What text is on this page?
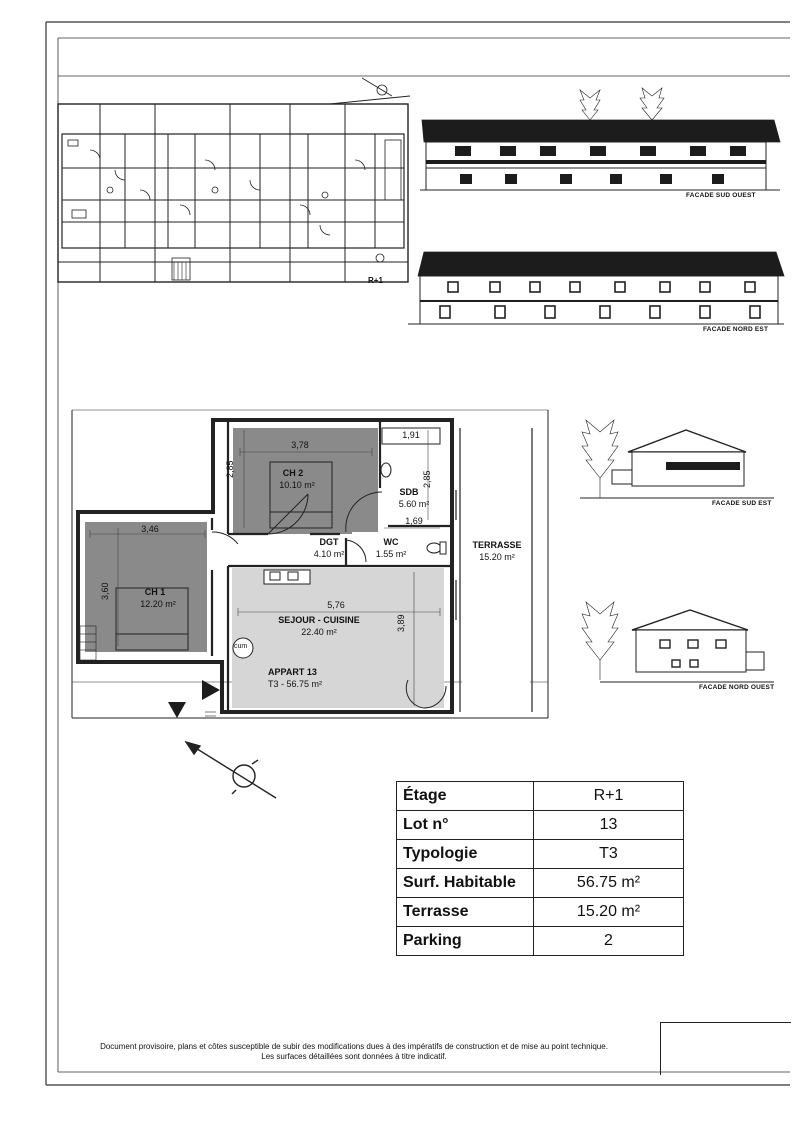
R+1
FACADE SUD OUEST
FACADE NORD EST
FACADE SUD EST
FACADE NORD OUEST
CH 2
10.10 m²
SDB
5.60 m²
DGT
4.10 m²
WC
1.55 m²
TERRASSE
15.20 m²
CH 1
12.20 m²
SEJOUR - CUISINE
22.40 m²
APPART 13
T3 - 56.75 m²
cum
3,78
2,85
1,91
2,85
1,69
3,46
3,60
5,76
3,89
Étage	R+1
Lot n°	13
Typologie	T3
Surf. Habitable	56.75 m²
Terrasse	15.20 m²
Parking	2
Document provisoire, plans et côtes susceptible de subir des modifications dues à des impératifs de construction et de mise au point technique.
Les surfaces détaillées sont données à titre indicatif.
